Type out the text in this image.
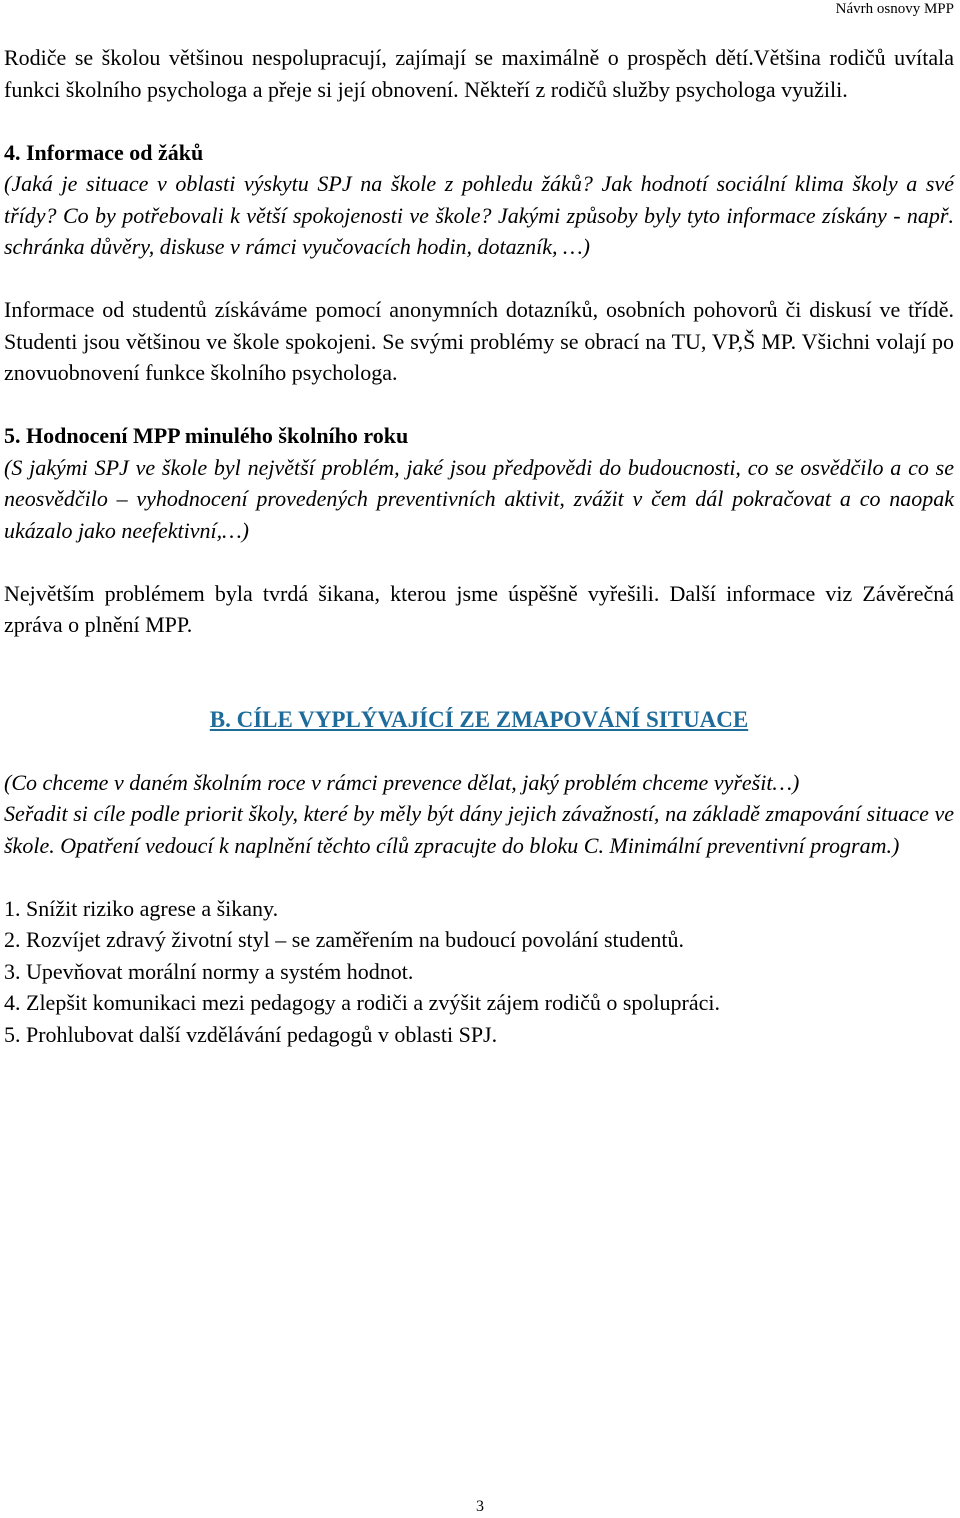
Návrh osnovy MPP

Rodiče se školou většinou nespolupracují, zajímají se maximálně o prospěch dětí.Většina rodičů uvítala funkci školního psychologa a přeje si její obnovení. Někteří z rodičů služby psychologa využili.

4. Informace od žáků

(Jaká je situace v oblasti výskytu SPJ na škole z pohledu žáků? Jak hodnotí sociální klima školy a své třídy? Co by potřebovali k větší spokojenosti ve škole? Jakými způsoby byly tyto informace získány - např. schránka důvěry, diskuse v rámci vyučovacích hodin, dotazník, …)

Informace od studentů získáváme pomocí anonymních dotazníků, osobních pohovorů či diskusí ve třídě. Studenti jsou většinou ve škole spokojeni. Se svými problémy se obrací na TU, VP,Š MP. Všichni volají po znovuobnovení funkce školního psychologa.

5. Hodnocení MPP minulého školního roku

(S jakými SPJ ve škole byl největší problém, jaké jsou předpovědi do budoucnosti, co se osvědčilo a co se neosvědčilo – vyhodnocení provedených preventivních aktivit, zvážit v čem dál pokračovat a co naopak ukázalo jako neefektivní,…)

Největším problémem byla tvrdá šikana, kterou jsme úspěšně vyřešili. Další informace viz Závěrečná zpráva o plnění MPP.

B. CÍLE VYPLÝVAJÍCÍ ZE ZMAPOVÁNÍ SITUACE

(Co chceme v daném školním roce v rámci prevence dělat, jaký problém chceme vyřešit…)

Seřadit si cíle podle priorit školy, které by měly být dány jejich závažností, na základě zmapování situace ve škole. Opatření vedoucí k naplnění těchto cílů zpracujte do bloku C. Minimální preventivní program.)

1. Snížit riziko agrese a šikany.

2. Rozvíjet zdravý životní styl – se zaměřením na budoucí povolání studentů.

3. Upevňovat morální normy a systém hodnot.

4. Zlepšit komunikaci mezi pedagogy a rodiči a zvýšit zájem rodičů o spolupráci.

5. Prohlubovat další vzdělávání pedagogů v oblasti SPJ.

3
